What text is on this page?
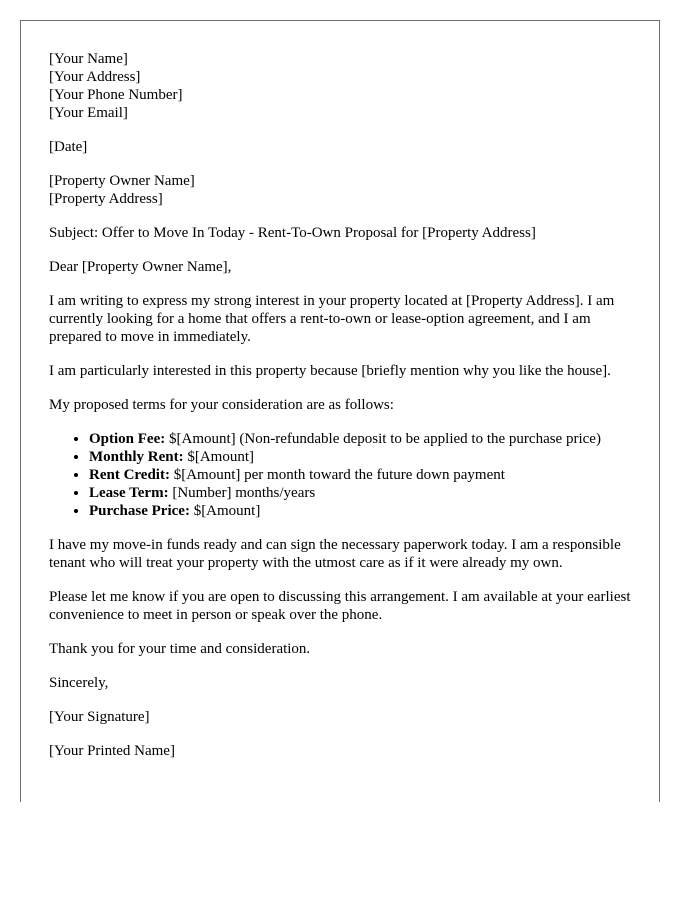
[Your Name]
[Your Address]
[Your Phone Number]
[Your Email]

[Date]

[Property Owner Name]
[Property Address]

Subject: Offer to Move In Today - Rent-To-Own Proposal for [Property Address]

Dear [Property Owner Name],

I am writing to express my strong interest in your property located at [Property Address]. I am currently looking for a home that offers a rent-to-own or lease-option agreement, and I am prepared to move in immediately.

I am particularly interested in this property because [briefly mention why you like the house].

My proposed terms for your consideration are as follows:

• Option Fee: $[Amount] (Non-refundable deposit to be applied to the purchase price)
• Monthly Rent: $[Amount]
• Rent Credit: $[Amount] per month toward the future down payment
• Lease Term: [Number] months/years
• Purchase Price: $[Amount]

I have my move-in funds ready and can sign the necessary paperwork today. I am a responsible tenant who will treat your property with the utmost care as if it were already my own.

Please let me know if you are open to discussing this arrangement. I am available at your earliest convenience to meet in person or speak over the phone.

Thank you for your time and consideration.

Sincerely,

[Your Signature]

[Your Printed Name]
